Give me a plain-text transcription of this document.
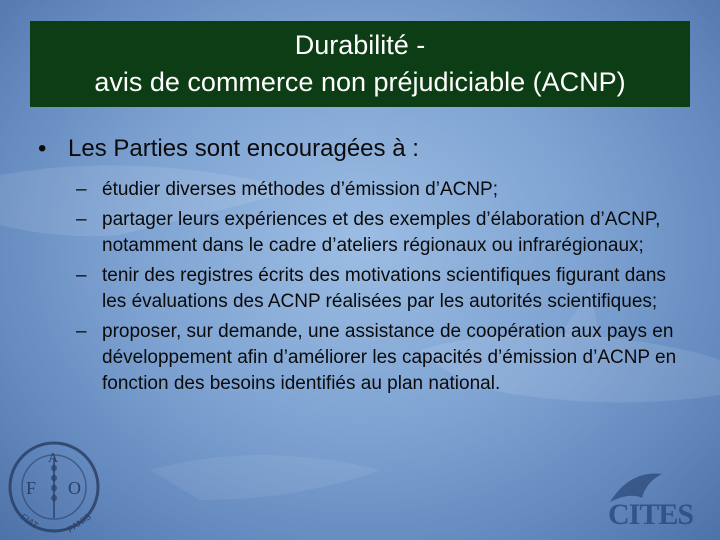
Durabilité -
avis de commerce non préjudiciable (ACNP)
• Les Parties sont encouragées à :
– étudier diverses méthodes d’émission d’ACNP;
– partager leurs expériences et des exemples d’élaboration d’ACNP, notamment dans le cadre d’ateliers régionaux ou infrarégionaux;
– tenir des registres écrits des motivations scientifiques figurant dans les évaluations des ACNP réalisées par les autorités scientifiques;
– proposer, sur demande, une assistance de coopération aux pays en développement afin d’améliorer les capacités d’émission d’ACNP en fonction des besoins identifiés au plan national.
F
A
O
FIAT	PANIS	CITES
